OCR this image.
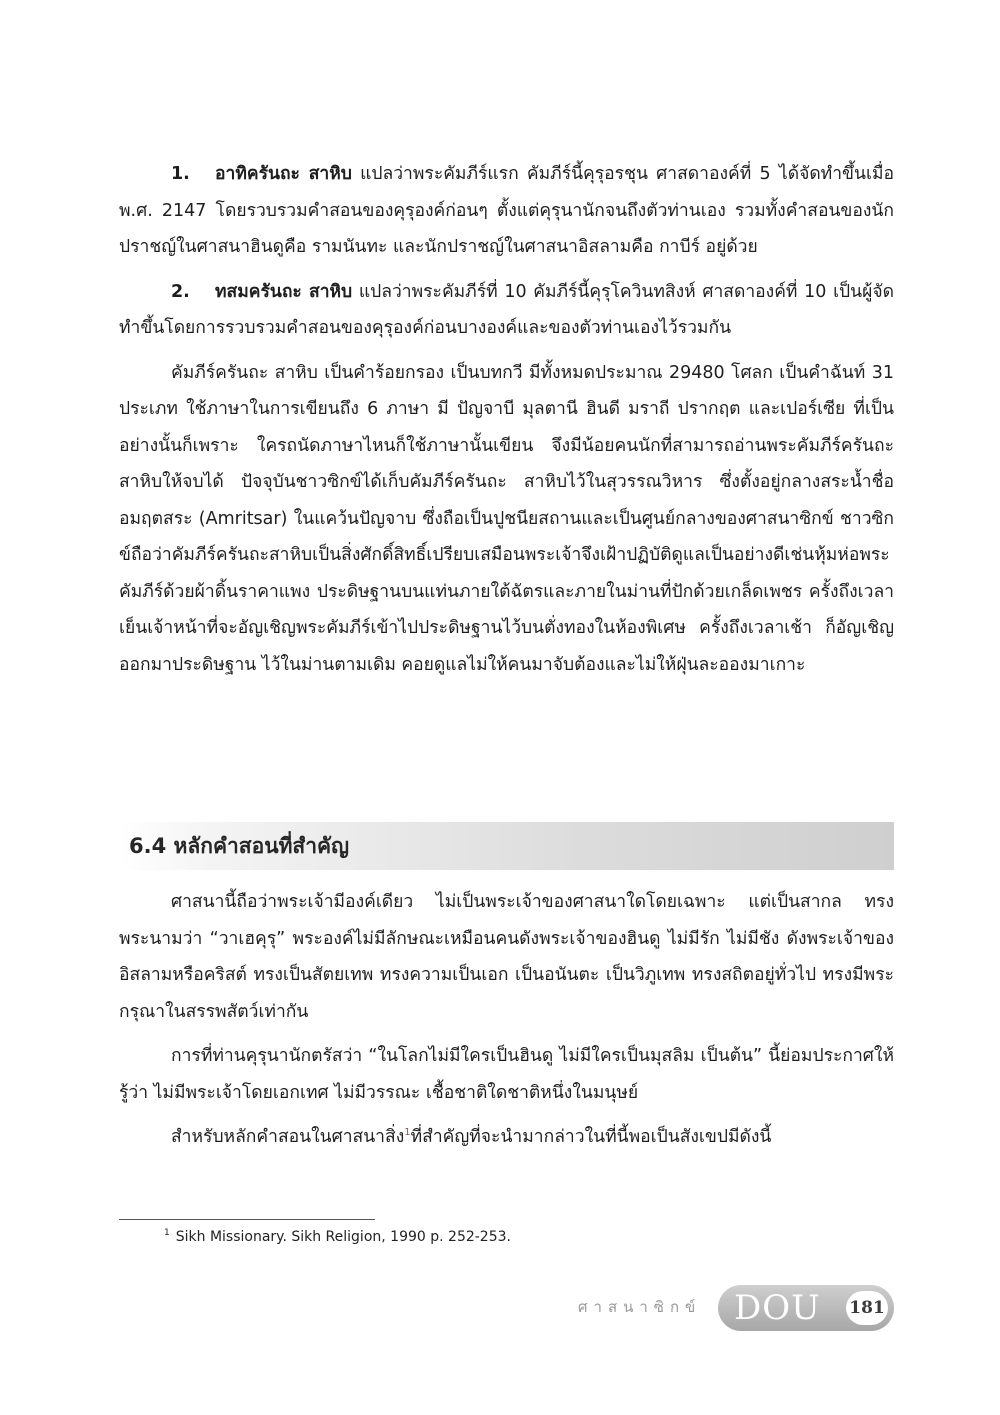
1. อาทิครันถะ สาหิบ แปลว่าพระคัมภีร์แรก คัมภีร์นี้คุรุอรชุน ศาสดาองค์ที่ 5 ได้จัดทำขึ้นเมื่อ พ.ศ. 2147 โดยรวบรวมคำสอนของคุรุองค์ก่อนๆ ตั้งแต่คุรุนานักจนถึงตัวท่านเอง รวมทั้งคำสอนของนักปราชญ์ในศาสนาฮินดูคือ รามนันทะ และนักปราชญ์ในศาสนาอิสลามคือ กาบีร์ อยู่ด้วย

2. ทสมครันถะ สาหิบ แปลว่าพระคัมภีร์ที่ 10 คัมภีร์นี้คุรุโควินทสิงห์ ศาสดาองค์ที่ 10 เป็นผู้จัดทำขึ้นโดยการรวบรวมคำสอนของคุรุองค์ก่อนบางองค์และของตัวท่านเองไว้รวมกัน

คัมภีร์ครันถะ สาหิบ เป็นคำร้อยกรอง เป็นบทกวี มีทั้งหมดประมาณ 29480 โศลก เป็นคำฉันท์ 31 ประเภท ใช้ภาษาในการเขียนถึง 6 ภาษา มี ปัญจาบี มุลตานี ฮินดี มราถี ปรากฤต และเปอร์เซีย ที่เป็นอย่างนั้นก็เพราะ ใครถนัดภาษาไหนก็ใช้ภาษานั้นเขียน จึงมีน้อยคนนักที่สามารถอ่านพระคัมภีร์ครันถะ สาหิบให้จบได้ ปัจจุบันชาวซิกข์ได้เก็บคัมภีร์ครันถะ สาหิบไว้ในสุวรรณวิหาร ซึ่งตั้งอยู่กลางสระน้ำชื่อ อมฤตสระ (Amritsar) ในแคว้นปัญจาบ ซึ่งถือเป็นปูชนียสถานและเป็นศูนย์กลางของศาสนาซิกข์ ชาวซิกข์ถือว่าคัมภีร์ครันถะสาหิบเป็นสิ่งศักดิ์สิทธิ์เปรียบเสมือนพระเจ้าจึงเฝ้าปฏิบัติดูแลเป็นอย่างดีเช่นหุ้มห่อพระคัมภีร์ด้วยผ้าดิ้นราคาแพง ประดิษฐานบนแท่นภายใต้ฉัตรและภายในม่านที่ปักด้วยเกล็ดเพชร ครั้งถึงเวลาเย็นเจ้าหน้าที่จะอัญเชิญพระคัมภีร์เข้าไปประดิษฐานไว้บนตั่งทองในห้องพิเศษ ครั้งถึงเวลาเช้า ก็อัญเชิญออกมาประดิษฐาน ไว้ในม่านตามเดิม คอยดูแลไม่ให้คนมาจับต้องและไม่ให้ฝุ่นละอองมาเกาะ

6.4 หลักคำสอนที่สำคัญ

ศาสนานี้ถือว่าพระเจ้ามีองค์เดียว ไม่เป็นพระเจ้าของศาสนาใดโดยเฉพาะ แต่เป็นสากล ทรงพระนามว่า “วาเฮคุรุ” พระองค์ไม่มีลักษณะเหมือนคนดังพระเจ้าของฮินดู ไม่มีรัก ไม่มีชัง ดังพระเจ้าของอิสลามหรือคริสต์ ทรงเป็นสัตยเทพ ทรงความเป็นเอก เป็นอนันตะ เป็นวิภูเทพ ทรงสถิตอยู่ทั่วไป ทรงมีพระกรุณาในสรรพสัตว์เท่ากัน

การที่ท่านคุรุนานักตรัสว่า “ในโลกไม่มีใครเป็นฮินดู ไม่มีใครเป็นมุสลิม เป็นต้น” นี้ย่อมประกาศให้รู้ว่า ไม่มีพระเจ้าโดยเอกเทศ ไม่มีวรรณะ เชื้อชาติใดชาติหนึ่งในมนุษย์

สำหรับหลักคำสอนในศาสนาสิ่ง$^1$ที่สำคัญที่จะนำมากล่าวในที่นี้พอเป็นสังเขปมีดังนี้

$^1$ Sikh Missionary. Sikh Religion, 1990 p. 252-253.
ศาสนาซิกข์ DOU 181
